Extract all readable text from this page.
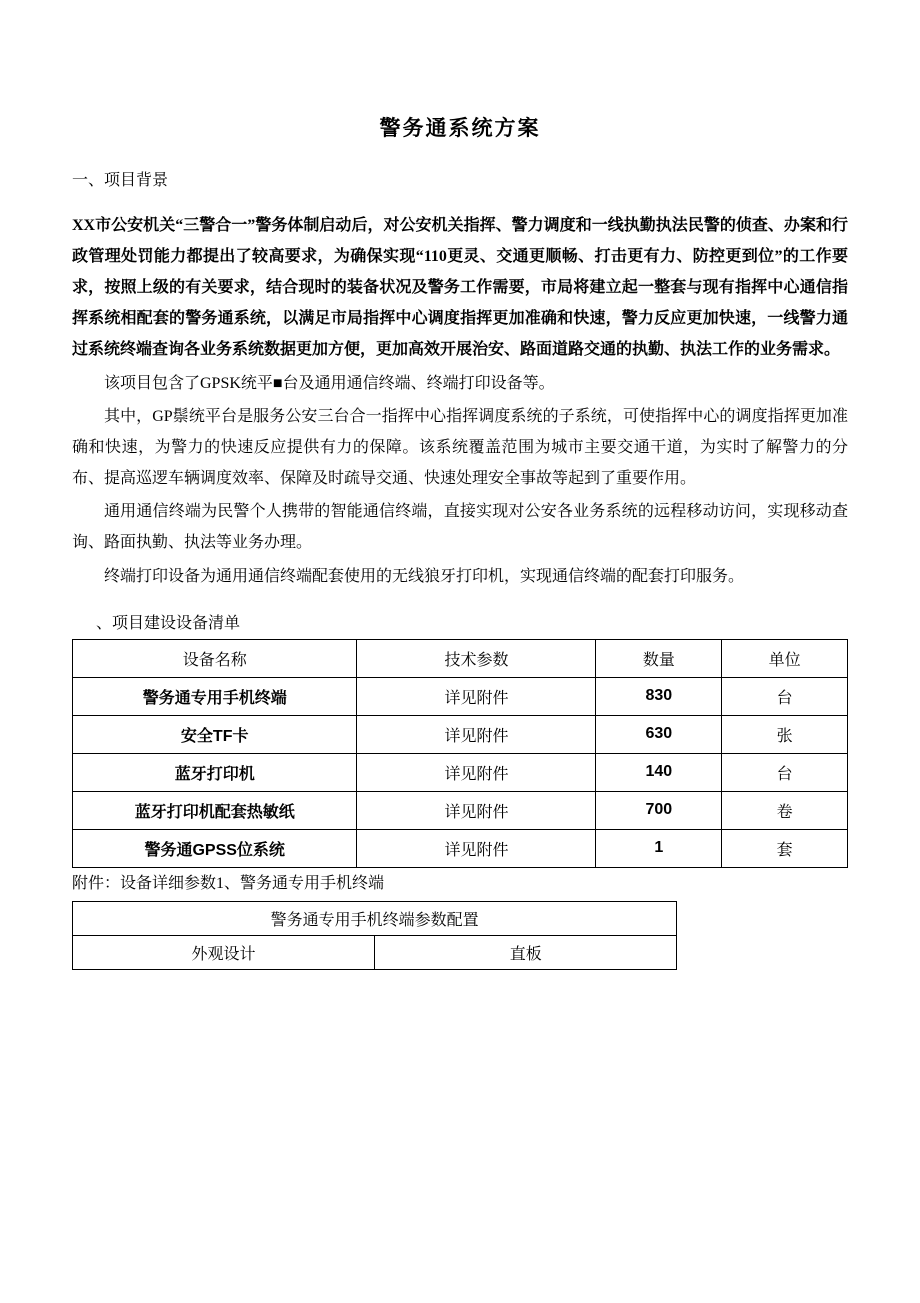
警务通系统方案
一、项目背景

XX市公安机关“三警合一”警务体制启动后，对公安机关指挥、警力调度和一线执勤执法民警的侦查、办案和行政管理处罚能力都提出了较高要求，为确保实现“110更灵、交通更顺畅、打击更有力、防控更到位”的工作要求，按照上级的有关要求，结合现时的装备状况及警务工作需要，市局将建立起一整套与现有指挥中心通信指挥系统相配套的警务通系统，以满足市局指挥中心调度指挥更加准确和快速，警力反应更加快速，一线警力通过系统终端查询各业务系统数据更加方便，更加高效开展治安、路面道路交通的执勤、执法工作的业务需求。

该项目包含了GPSK统平■台及通用通信终端、终端打印设备等。

其中，GP鬃统平台是服务公安三台合一指挥中心指挥调度系统的子系统，可使指挥中心的调度指挥更加准确和快速，为警力的快速反应提供有力的保障。该系统覆盖范围为城市主要交通干道，为实时了解警力的分布、提高巡逻车辆调度效率、保障及时疏导交通、快速处理安全事故等起到了重要作用。

通用通信终端为民警个人携带的智能通信终端，直接实现对公安各业务系统的远程移动访问，实现移动查询、路面执勤、执法等业务办理。

终端打印设备为通用通信终端配套使用的无线狼牙打印机，实现通信终端的配套打印服务。

、项目建设设备清单
设备名称	技术参数	数量	单位
警务通专用手机终端	详见附件	830	台
安全TF卡	详见附件	630	张
蓝牙打印机	详见附件	140	台
蓝牙打印机配套热敏纸	详见附件	700	卷
警务通GPSS位系统	详见附件	1	套
附件：设备详细参数1、警务通专用手机终端
警务通专用手机终端参数配置
外观设计	直板
